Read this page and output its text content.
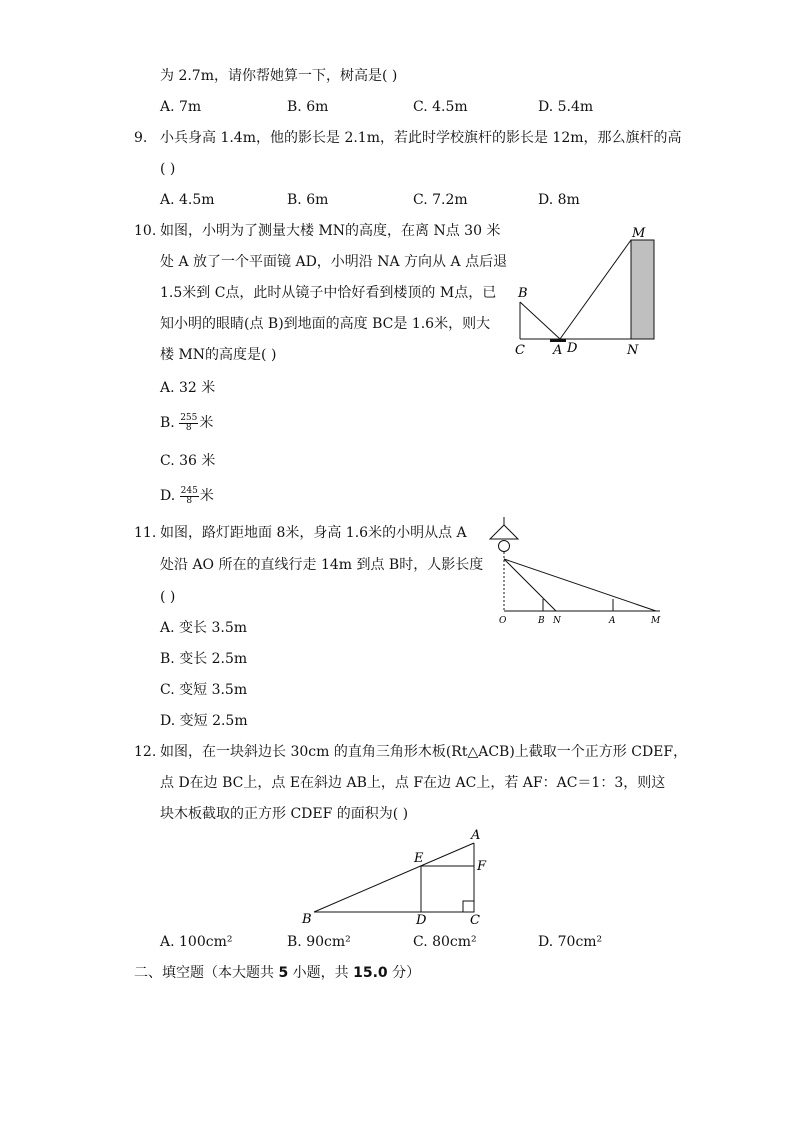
为 2.7m，请你帮她算一下，树高是( )
A. 7m	B. 6m	C. 4.5m	D. 5.4m
9. 小兵身高 1.4m，他的影长是 2.1m，若此时学校旗杆的影长是 12m，那么旗杆的高
( )
A. 4.5m	B. 6m	C. 7.2m	D. 8m
10. 如图，小明为了测量大楼 MN的高度，在离 N点 30 米
处 A 放了一个平面镜 AD，小明沿 NA 方向从 A 点后退
1.5米到 C点，此时从镜子中恰好看到楼顶的 M点，已
知小明的眼睛(点 B)到地面的高度 BC是 1.6米，则大
楼 MN的高度是( )
A. 32 米
B. $\frac{255}{8}$ 米
C. 36 米
D. $\frac{245}{8}$ 米
M
B
C A D	N
11. 如图，路灯距地面 8米，身高 1.6米的小明从点 A
处沿 AO 所在的直线行走 14m 到点 B时，人影长度
( )
A. 变长 3.5m
B. 变长 2.5m
C. 变短 3.5m
D. 变短 2.5m
O	B N	A	M
12. 如图，在一块斜边长 30cm 的直角三角形木板(Rt△ACB)上截取一个正方形 CDEF，
点 D在边 BC上，点 E在斜边 AB上，点 F在边 AC上，若 AF：AC＝1：3，则这
块木板截取的正方形 CDEF 的面积为( )
A
E
F
B	D	C
A. 100cm²	B. 90cm²	C. 80cm²	D. 70cm²
二、填空题（本大题共 5 小题，共 15.0 分）
